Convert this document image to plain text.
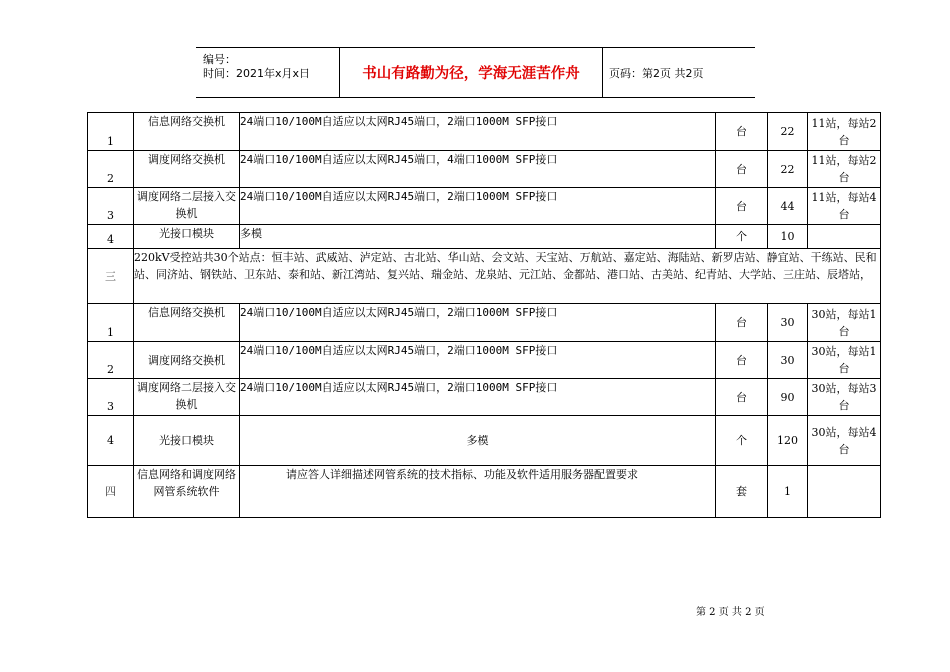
编号：
时间：2021年x月x日	书山有路勤为径，学海无涯苦作舟	页码：第2页 共2页
1	信息网络交换机	24端口10/100M自适应以太网RJ45端口，2端口1000M SFP接口	台	22	11站，每站2台
2	调度网络交换机	24端口10/100M自适应以太网RJ45端口，4端口1000M SFP接口	台	22	11站，每站2台
3	调度网络二层接入交换机	24端口10/100M自适应以太网RJ45端口，2端口1000M SFP接口	台	44	11站，每站4台
4	光接口模块	多模	个	10	
三	220kV受控站共30个站点：恒丰站、武威站、泸定站、古北站、华山站、会文站、天宝站、万航站、嘉定站、海陆站、新罗店站、静宜站、干练站、民和站、同济站、钢铁站、卫东站、泰和站、新江湾站、复兴站、瑞金站、龙泉站、元江站、金都站、港口站、古美站、纪青站、大学站、三庄站、辰塔站，				
1	信息网络交换机	24端口10/100M自适应以太网RJ45端口，2端口1000M SFP接口	台	30	30站，每站1台
2	调度网络交换机	24端口10/100M自适应以太网RJ45端口，2端口1000M SFP接口	台	30	30站，每站1台
3	调度网络二层接入交换机	24端口10/100M自适应以太网RJ45端口，2端口1000M SFP接口	台	90	30站，每站3台
4	光接口模块	多模	个	120	30站，每站4台
四	信息网络和调度网络网管系统软件	请应答人详细描述网管系统的技术指标、功能及软件适用服务器配置要求	套	1	
第 2 页 共 2 页
